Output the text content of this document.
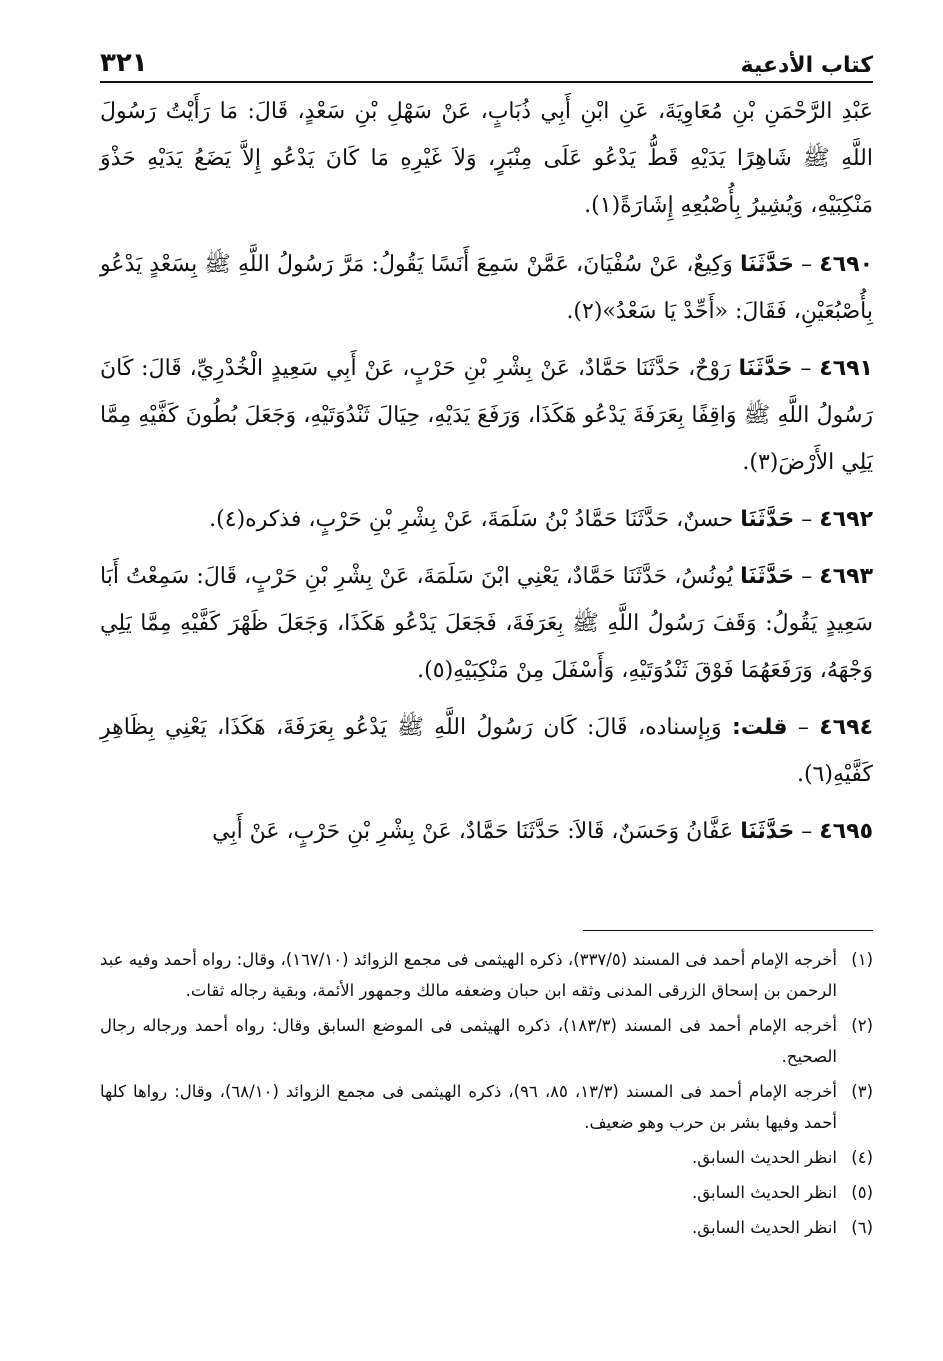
كتاب الأدعية
٣٢١

عَبْدِ الرَّحْمَنِ بْنِ مُعَاوِيَةَ، عَنِ ابْنِ أَبِي ذُبَابٍ، عَنْ سَهْلِ بْنِ سَعْدٍ، قَالَ: مَا رَأَيْتُ رَسُولَ اللَّهِ ﷺ شَاهِرًا يَدَيْهِ قَطُّ يَدْعُو عَلَى مِنْبَرٍ، وَلاَ غَيْرِهِ مَا كَانَ يَدْعُو إِلاَّ يَضَعُ يَدَيْهِ حَذْوَ مَنْكِبَيْهِ، وَيُشِيرُ بِأُصْبُعِهِ إِشَارَةً(١).

٤٦٩٠ – حَدَّثَنَا وَكِيعٌ، عَنْ سُفْيَانَ، عَمَّنْ سَمِعَ أَنَسًا يَقُولُ: مَرَّ رَسُولُ اللَّهِ ﷺ بِسَعْدٍ يَدْعُو بِأُصْبُعَيْنِ، فَقَالَ: «أَحِّدْ يَا سَعْدُ»(٢).

٤٦٩١ – حَدَّثَنَا رَوْحٌ، حَدَّثَنَا حَمَّادٌ، عَنْ بِشْرِ بْنِ حَرْبٍ، عَنْ أَبِي سَعِيدٍ الْخُدْرِيِّ، قَالَ: كَانَ رَسُولُ اللَّهِ ﷺ وَاقِفًا بِعَرَفَةَ يَدْعُو هَكَذَا، وَرَفَعَ يَدَيْهِ، حِيَالَ ثَنْدُوَتَيْهِ، وَجَعَلَ بُطُونَ كَفَّيْهِ مِمَّا يَلِي الأَرْضَ(٣).

٤٦٩٢ – حَدَّثَنَا حسنٌ، حَدَّثَنَا حَمَّادُ بْنُ سَلَمَةَ، عَنْ بِشْرِ بْنِ حَرْبٍ، فذكره(٤).

٤٦٩٣ – حَدَّثَنَا يُونُسُ، حَدَّثَنَا حَمَّادٌ، يَعْنِي ابْنَ سَلَمَةَ، عَنْ بِشْرِ بْنِ حَرْبٍ، قَالَ: سَمِعْتُ أَبَا سَعِيدٍ يَقُولُ: وَقَفَ رَسُولُ اللَّهِ ﷺ بِعَرَفَةَ، فَجَعَلَ يَدْعُو هَكَذَا، وَجَعَلَ ظَهْرَ كَفَّيْهِ مِمَّا يَلِي وَجْهَهُ، وَرَفَعَهُمَا فَوْقَ ثَنْدُوَتَيْهِ، وَأَسْفَلَ مِنْ مَنْكِبَيْهِ(٥).

٤٦٩٤ – قلت: وَبِإسناده، قَالَ: كَان رَسُولُ اللَّهِ ﷺ يَدْعُو بِعَرَفَةَ، هَكَذَا، يَعْنِي بِظَاهِرِ كَفَّيْهِ(٦).

٤٦٩٥ – حَدَّثَنَا عَفَّانُ وَحَسَنٌ، قَالاَ: حَدَّثَنَا حَمَّادٌ، عَنْ بِشْرِ بْنِ حَرْبٍ، عَنْ أَبِي

(١)
أخرجه الإمام أحمد فى المسند (٣٣٧/٥)، ذكره الهيثمى فى مجمع الزوائد (١٦٧/١٠)، وقال: رواه أحمد وفيه عبد الرحمن بن إسحاق الزرقى المدنى وثقه ابن حبان وضعفه مالك وجمهور الأئمة، وبقية رجاله ثقات.

(٢)
أخرجه الإمام أحمد فى المسند (١٨٣/٣)، ذكره الهيثمى فى الموضع السابق وقال: رواه أحمد ورجاله رجال الصحيح.

(٣)
أخرجه الإمام أحمد فى المسند (١٣/٣، ٨٥، ٩٦)، ذكره الهيثمى فى مجمع الزوائد (٦٨/١٠)، وقال: رواها كلها أحمد وفيها بشر بن حرب وهو ضعيف.

(٤)
انظر الحديث السابق.

(٥)
انظر الحديث السابق.

(٦)
انظر الحديث السابق.
